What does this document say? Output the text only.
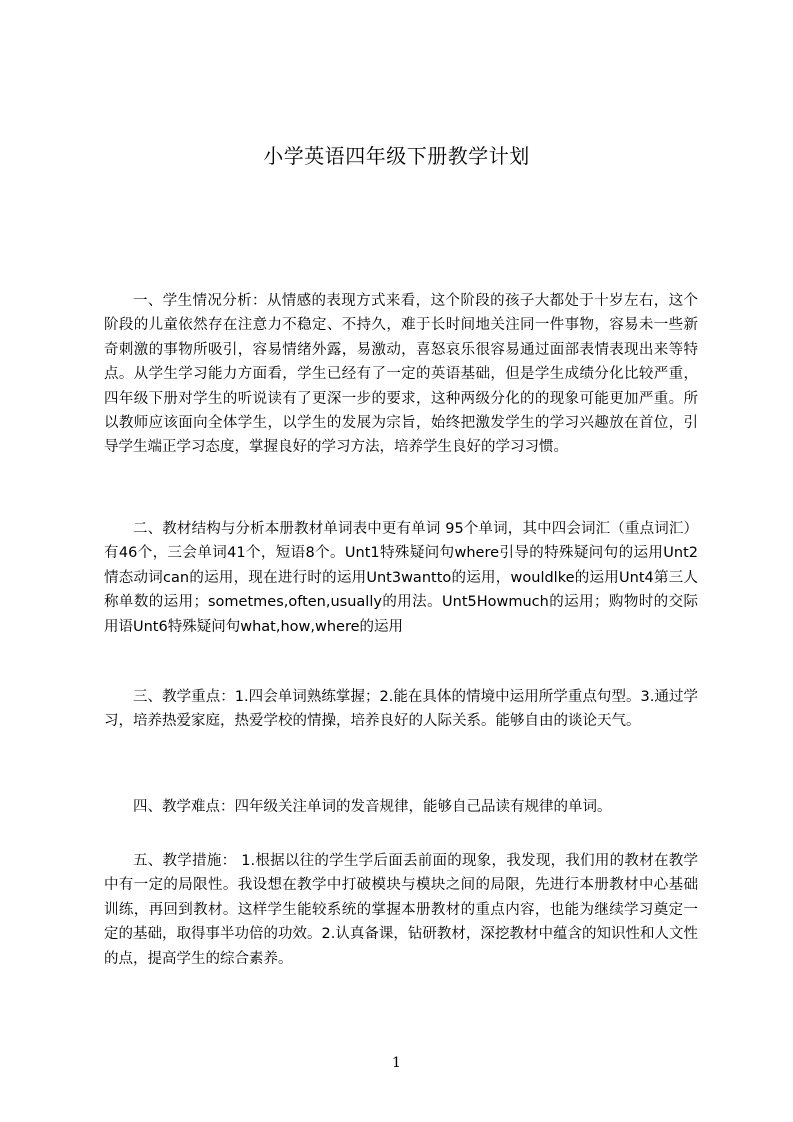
小学英语四年级下册教学计划

一、学生情况分析：从情感的表现方式来看，这个阶段的孩子大都处于十岁左右，这个阶段的儿童依然存在注意力不稳定、不持久，难于长时间地关注同一件事物，容易未一些新奇刺激的事物所吸引，容易情绪外露，易激动，喜怒哀乐很容易通过面部表情表现出来等特点。从学生学习能力方面看，学生已经有了一定的英语基础，但是学生成绩分化比较严重，四年级下册对学生的听说读有了更深一步的要求，这种两级分化的的现象可能更加严重。所以教师应该面向全体学生，以学生的发展为宗旨，始终把激发学生的学习兴趣放在首位，引导学生端正学习态度，掌握良好的学习方法，培养学生良好的学习习惯。

二、教材结构与分析本册教材单词表中更有单词 95个单词，其中四会词汇（重点词汇）有46个，三会单词41个，短语8个。Unt1特殊疑问句where引导的特殊疑问句的运用Unt2情态动词can的运用，现在进行时的运用Unt3wantto的运用，wouldlke的运用Unt4第三人称单数的运用；sometmes,often,usually的用法。Unt5Howmuch的运用；购物时的交际用语Unt6特殊疑问句what,how,where的运用

三、教学重点：1.四会单词熟练掌握；2.能在具体的情境中运用所学重点句型。3.通过学习，培养热爱家庭，热爱学校的情操，培养良好的人际关系。能够自由的谈论天气。

四、教学难点：四年级关注单词的发音规律，能够自己品读有规律的单词。

五、教学措施： 1.根据以往的学生学后面丢前面的现象，我发现，我们用的教材在教学中有一定的局限性。我设想在教学中打破模块与模块之间的局限，先进行本册教材中心基础训练，再回到教材。这样学生能较系统的掌握本册教材的重点内容，也能为继续学习奠定一定的基础，取得事半功倍的功效。2.认真备课，钻研教材，深挖教材中蕴含的知识性和人文性的点，提高学生的综合素养。

1
